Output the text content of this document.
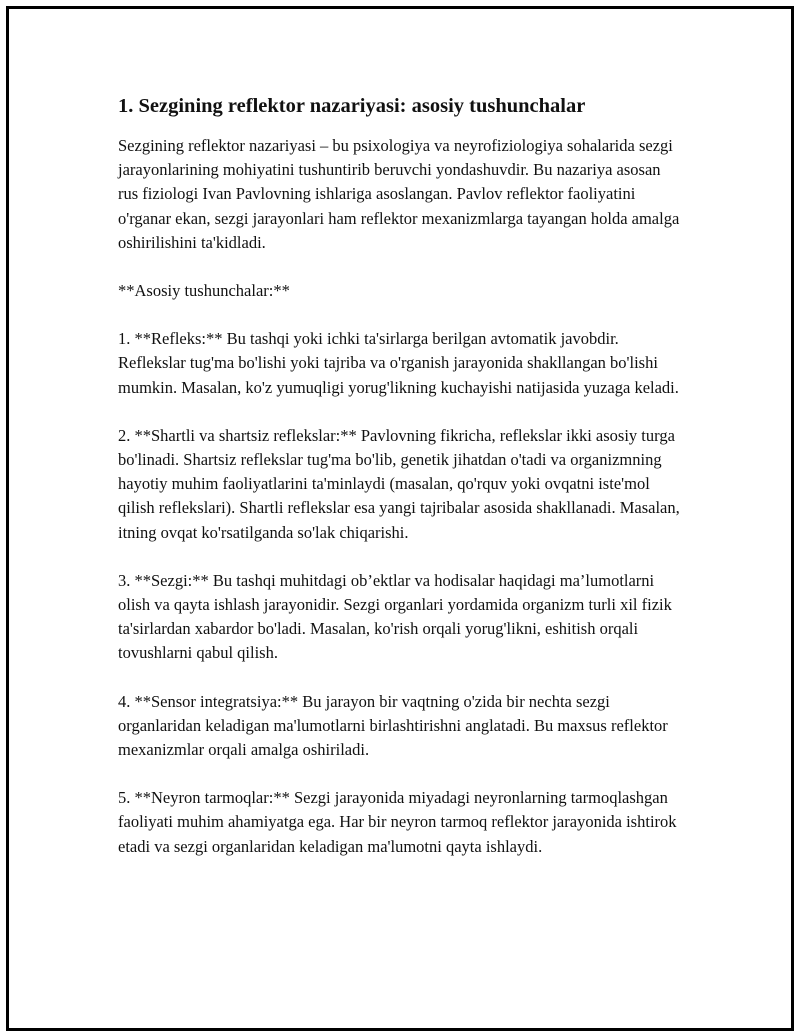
1. Sezgining reflektor nazariyasi: asosiy tushunchalar

Sezgining reflektor nazariyasi – bu psixologiya va neyrofiziologiya sohalarida sezgi jarayonlarining mohiyatini tushuntirib beruvchi yondashuvdir. Bu nazariya asosan rus fiziologi Ivan Pavlovning ishlariga asoslangan. Pavlov reflektor faoliyatini o'rganar ekan, sezgi jarayonlari ham reflektor mexanizmlarga tayangan holda amalga oshirilishini ta'kidladi.

**Asosiy tushunchalar:**

1. **Refleks:** Bu tashqi yoki ichki ta'sirlarga berilgan avtomatik javobdir. Reflekslar tug'ma bo'lishi yoki tajriba va o'rganish jarayonida shakllangan bo'lishi mumkin. Masalan, ko'z yumuqligi yorug'likning kuchayishi natijasida yuzaga keladi.

2. **Shartli va shartsiz reflekslar:** Pavlovning fikricha, reflekslar ikki asosiy turga bo'linadi. Shartsiz reflekslar tug'ma bo'lib, genetik jihatdan o'tadi va organizmning hayotiy muhim faoliyatlarini ta'minlaydi (masalan, qo'rquv yoki ovqatni iste'mol qilish reflekslari). Shartli reflekslar esa yangi tajribalar asosida shakllanadi. Masalan, itning ovqat ko'rsatilganda so'lak chiqarishi.

3. **Sezgi:** Bu tashqi muhitdagi ob’ektlar va hodisalar haqidagi ma’lumotlarni olish va qayta ishlash jarayonidir. Sezgi organlari yordamida organizm turli xil fizik ta'sirlardan xabardor bo'ladi. Masalan, ko'rish orqali yorug'likni, eshitish orqali tovushlarni qabul qilish.

4. **Sensor integratsiya:** Bu jarayon bir vaqtning o'zida bir nechta sezgi organlaridan keladigan ma'lumotlarni birlashtirishni anglatadi. Bu maxsus reflektor mexanizmlar orqali amalga oshiriladi.

5. **Neyron tarmoqlar:** Sezgi jarayonida miyadagi neyronlarning tarmoqlashgan faoliyati muhim ahamiyatga ega. Har bir neyron tarmoq reflektor jarayonida ishtirok etadi va sezgi organlaridan keladigan ma'lumotni qayta ishlaydi.
